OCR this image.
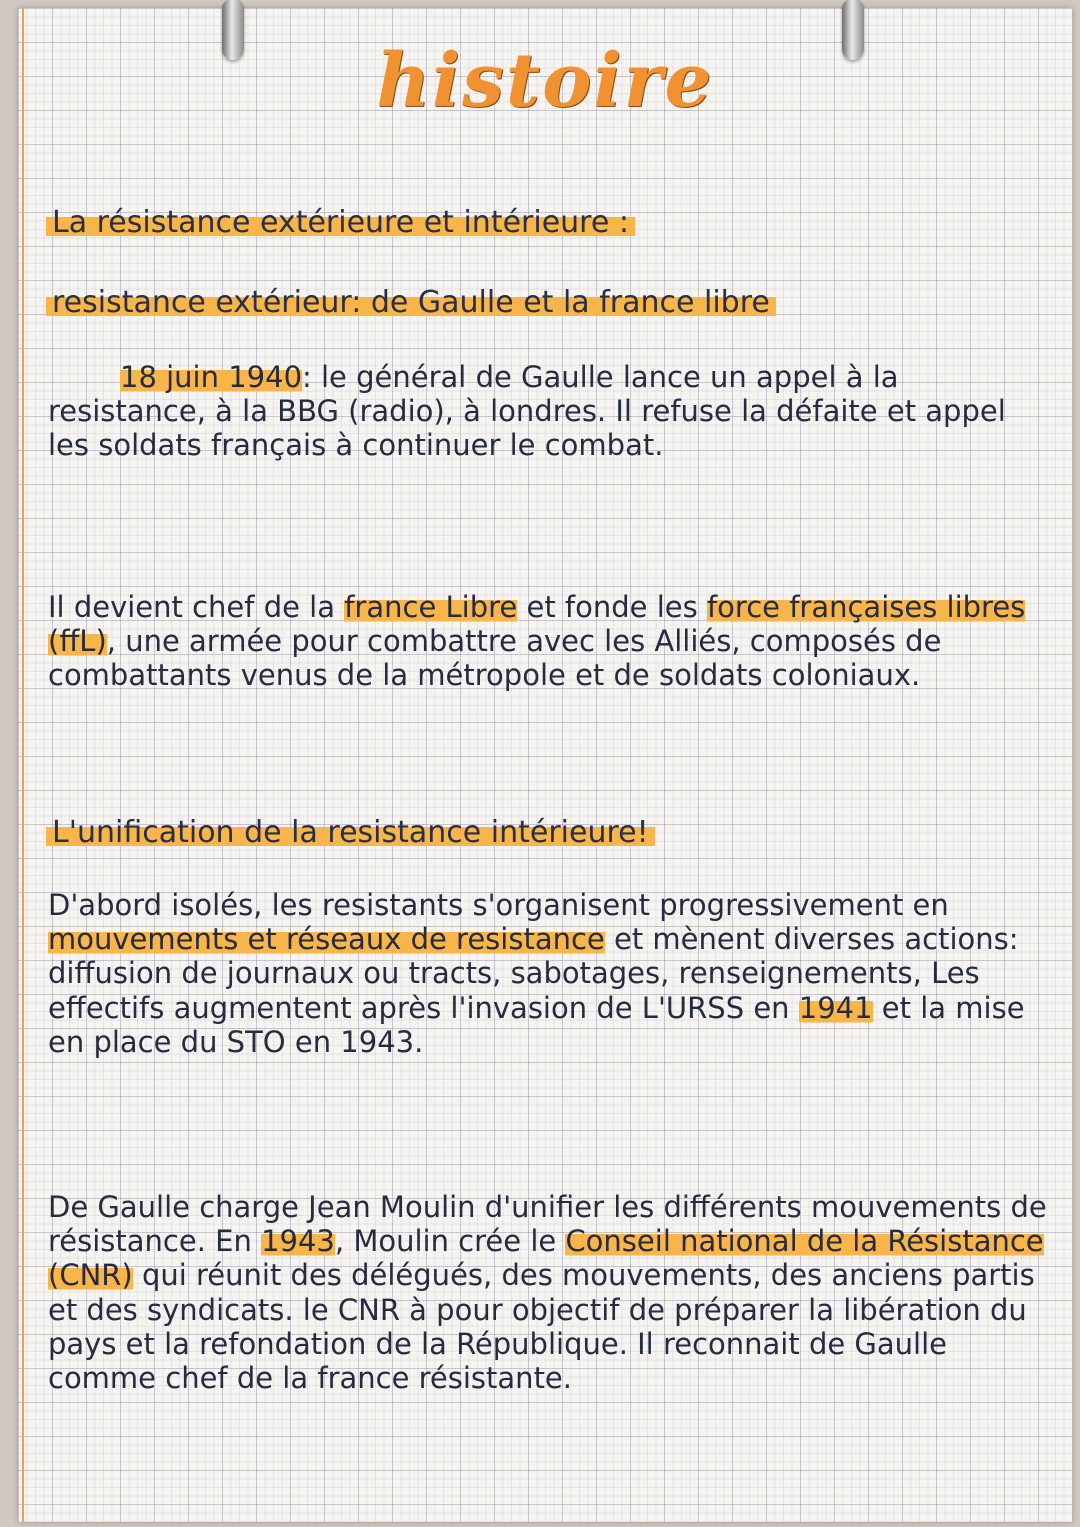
histoire
La résistance extérieure et intérieure :
resistance extérieur: de Gaulle et la france libre
18 juin 1940: le général de Gaulle lance un appel à la resistance, à la BBG (radio), à londres. Il refuse la défaite et appel les soldats français à continuer le combat.
Il devient chef de la france Libre et fonde les force françaises libres (ffL), une armée pour combattre avec les Alliés, composés de combattants venus de la métropole et de soldats coloniaux.
L'unification de la resistance intérieure!
D'abord isolés, les resistants s'organisent progressivement en mouvements et réseaux de resistance et mènent diverses actions: diffusion de journaux ou tracts, sabotages, renseignements, Les effectifs augmentent après l'invasion de L'URSS en 1941 et la mise en place du STO en 1943.
De Gaulle charge Jean Moulin d'unifier les différents mouvements de résistance. En 1943, Moulin crée le Conseil national de la Résistance (CNR) qui réunit des délégués, des mouvements, des anciens partis et des syndicats. le CNR à pour objectif de préparer la libération du pays et la refondation de la République. Il reconnait de Gaulle comme chef de la france résistante.
